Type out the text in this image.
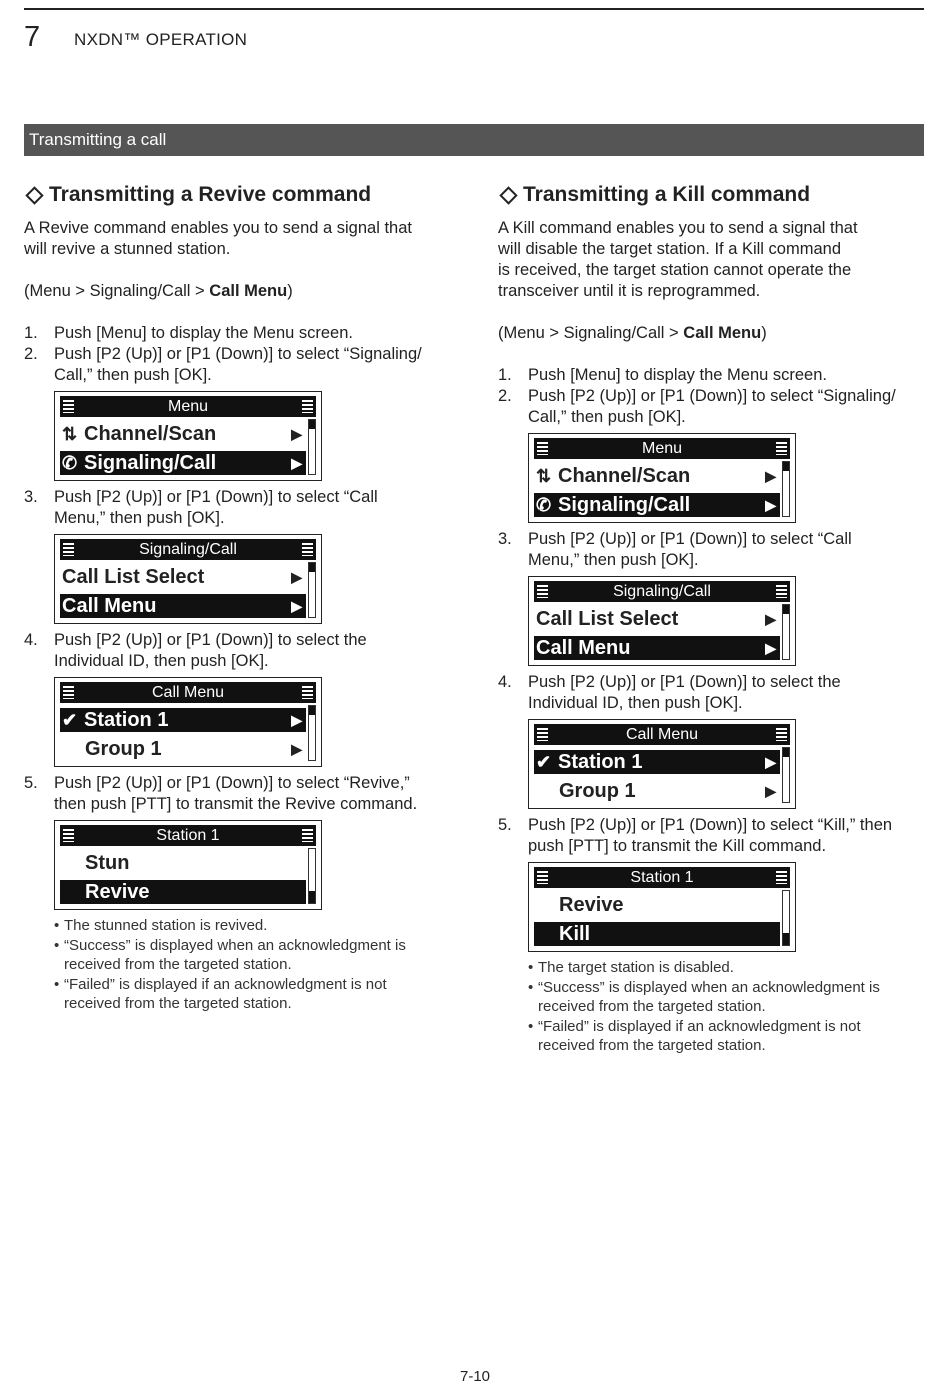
7 NXDN™ OPERATION
Transmitting a call
Transmitting a Revive command

A Revive command enables you to send a signal that
will revive a stunned station.

(Menu > Signaling/Call > Call Menu)

1. Push [Menu] to display the Menu screen.
2. Push [P2 (Up)] or [P1 (Down)] to select “Signaling/
Call,” then push [OK].
Menu
⇅ Channel/Scan	▶
✆ Signaling/Call	▶
3. Push [P2 (Up)] or [P1 (Down)] to select “Call
Menu,” then push [OK].
Signaling/Call
Call List Select	▶
Call Menu	▶
4. Push [P2 (Up)] or [P1 (Down)] to select the
Individual ID, then push [OK].
Call Menu
✔ Station 1	▶
Group 1	▶
5. Push [P2 (Up)] or [P1 (Down)] to select “Revive,”
then push [PTT] to transmit the Revive command.
Station 1
Stun
Revive
• The stunned station is revived.
• “Success” is displayed when an acknowledgment is
received from the targeted station.
• “Failed” is displayed if an acknowledgment is not
received from the targeted station.
Transmitting a Kill command

A Kill command enables you to send a signal that
will disable the target station. If a Kill command
is received, the target station cannot operate the
transceiver until it is reprogrammed.

(Menu > Signaling/Call > Call Menu)

1. Push [Menu] to display the Menu screen.
2. Push [P2 (Up)] or [P1 (Down)] to select “Signaling/
Call,” then push [OK].
Menu
⇅ Channel/Scan	▶
✆ Signaling/Call	▶
3. Push [P2 (Up)] or [P1 (Down)] to select “Call
Menu,” then push [OK].
Signaling/Call
Call List Select	▶
Call Menu	▶
4. Push [P2 (Up)] or [P1 (Down)] to select the
Individual ID, then push [OK].
Call Menu
✔ Station 1	▶
Group 1	▶
5. Push [P2 (Up)] or [P1 (Down)] to select “Kill,” then
push [PTT] to transmit the Kill command.
Station 1
Revive
Kill
• The target station is disabled.
• “Success” is displayed when an acknowledgment is
received from the targeted station.
• “Failed” is displayed if an acknowledgment is not
received from the targeted station.
7-10
